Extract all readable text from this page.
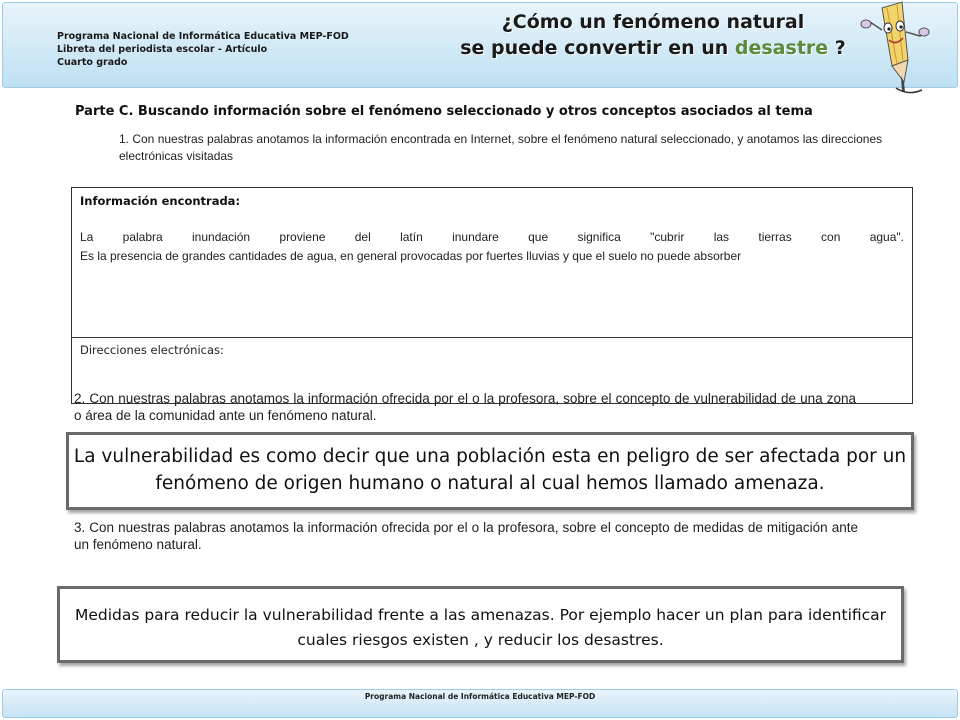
Programa Nacional de Informática Educativa MEP-FOD
Libreta del periodista escolar - Artículo
Cuarto grado
¿Cómo un fenómeno natural
se puede convertir en un desastre ?
Parte C. Buscando información sobre el fenómeno seleccionado y otros conceptos asociados al tema
1. Con nuestras palabras anotamos la información encontrada en Internet, sobre el fenómeno natural seleccionado, y anotamos las direcciones electrónicas visitadas
Información encontrada:
La palabra inundación proviene del latín inundare que significa "cubrir las tierras con agua".
Es la presencia de grandes cantidades de agua, en general provocadas por fuertes lluvias y que el suelo no puede absorber
Direcciones electrónicas:
2. Con nuestras palabras anotamos la información ofrecida por el o la profesora, sobre el concepto de vulnerabilidad de una zona o área de la comunidad ante un fenómeno natural.
La vulnerabilidad es como decir que una población esta en peligro de ser afectada por un fenómeno de origen humano o natural al cual hemos llamado amenaza.
3. Con nuestras palabras anotamos la información ofrecida por el o la profesora, sobre el concepto de medidas de mitigación ante un fenómeno natural.
Medidas para reducir la vulnerabilidad frente a las amenazas. Por ejemplo hacer un plan para identificar cuales riesgos existen , y reducir los desastres.
Programa Nacional de Informática Educativa MEP-FOD
